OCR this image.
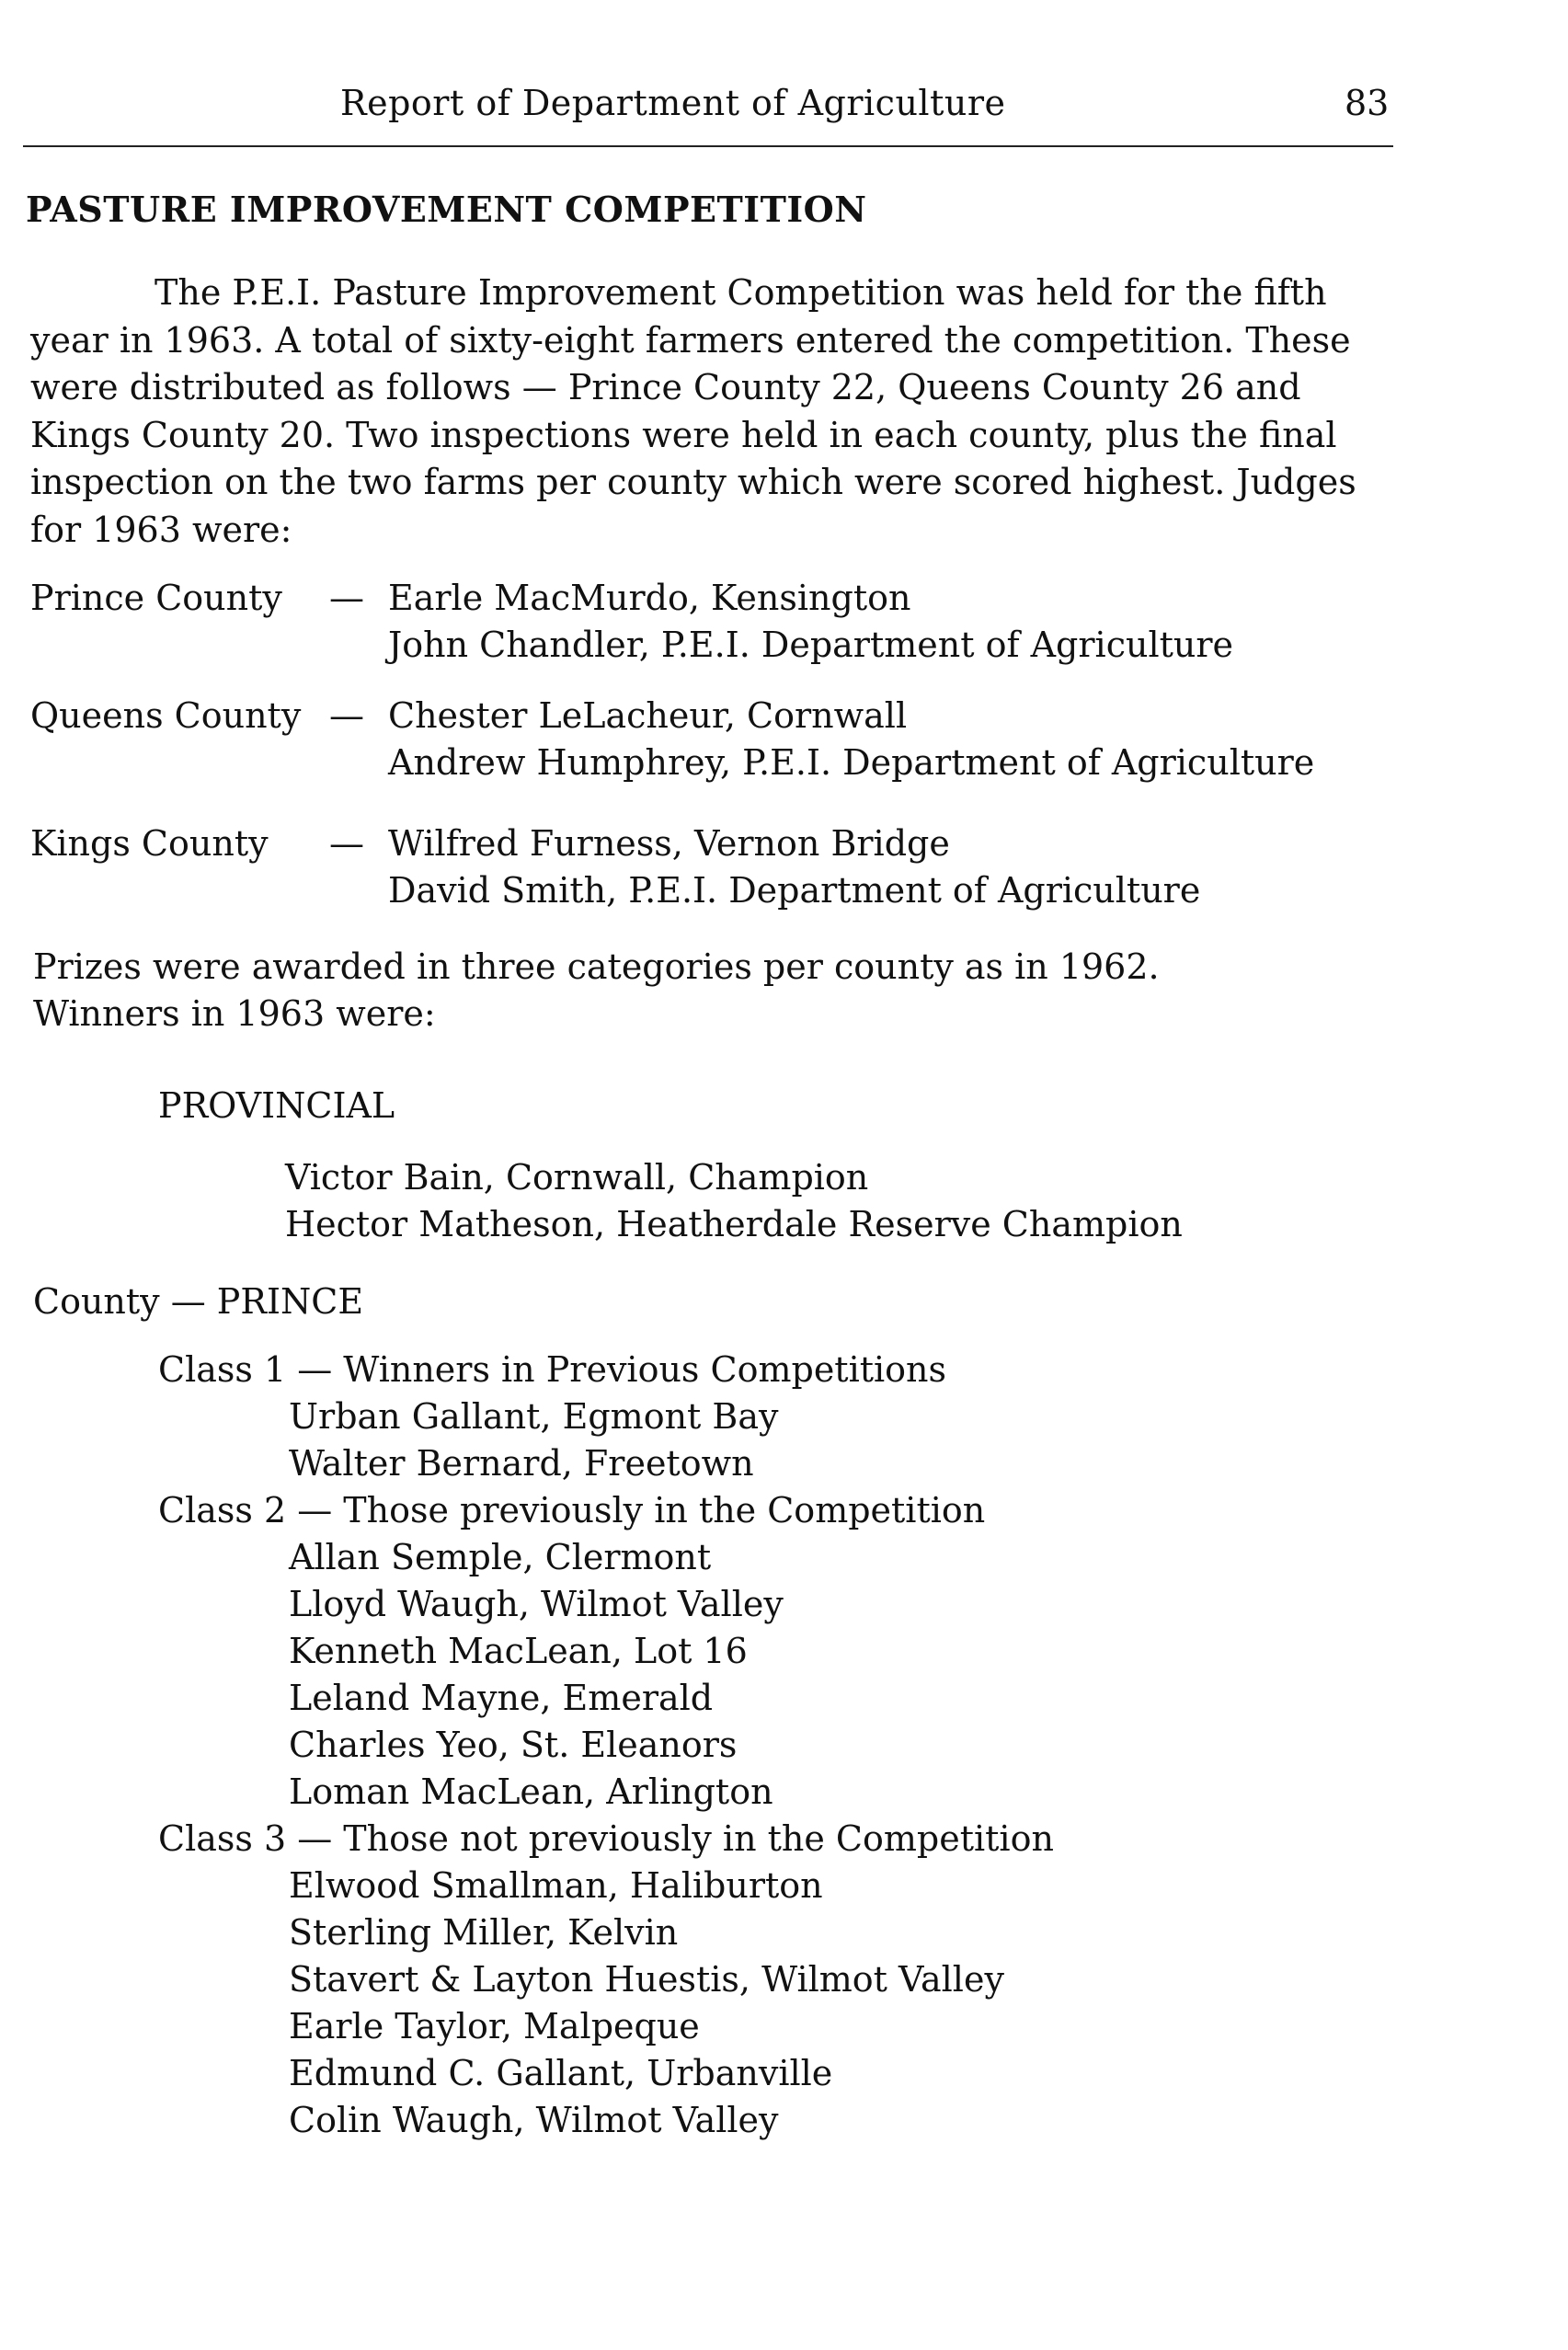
Report of Department of Agriculture	83
PASTURE IMPROVEMENT COMPETITION
The P.E.I. Pasture Improvement Competition was held for the fifth
year in 1963. A total of sixty-eight farmers entered the competition. These
were distributed as follows — Prince County 22, Queens County 26 and
Kings County 20. Two inspections were held in each county, plus the final
inspection on the two farms per county which were scored highest. Judges
for 1963 were:
Prince County — Earle MacMurdo, Kensington
John Chandler, P.E.I. Department of Agriculture
Queens County — Chester LeLacheur, Cornwall
Andrew Humphrey, P.E.I. Department of Agriculture
Kings County — Wilfred Furness, Vernon Bridge
David Smith, P.E.I. Department of Agriculture
Prizes were awarded in three categories per county as in 1962.
Winners in 1963 were:
PROVINCIAL
Victor Bain, Cornwall, Champion
Hector Matheson, Heatherdale Reserve Champion
County — PRINCE
Class 1 — Winners in Previous Competitions
Urban Gallant, Egmont Bay
Walter Bernard, Freetown
Class 2 — Those previously in the Competition
Allan Semple, Clermont
Lloyd Waugh, Wilmot Valley
Kenneth MacLean, Lot 16
Leland Mayne, Emerald
Charles Yeo, St. Eleanors
Loman MacLean, Arlington
Class 3 — Those not previously in the Competition
Elwood Smallman, Haliburton
Sterling Miller, Kelvin
Stavert & Layton Huestis, Wilmot Valley
Earle Taylor, Malpeque
Edmund C. Gallant, Urbanville
Colin Waugh, Wilmot Valley
